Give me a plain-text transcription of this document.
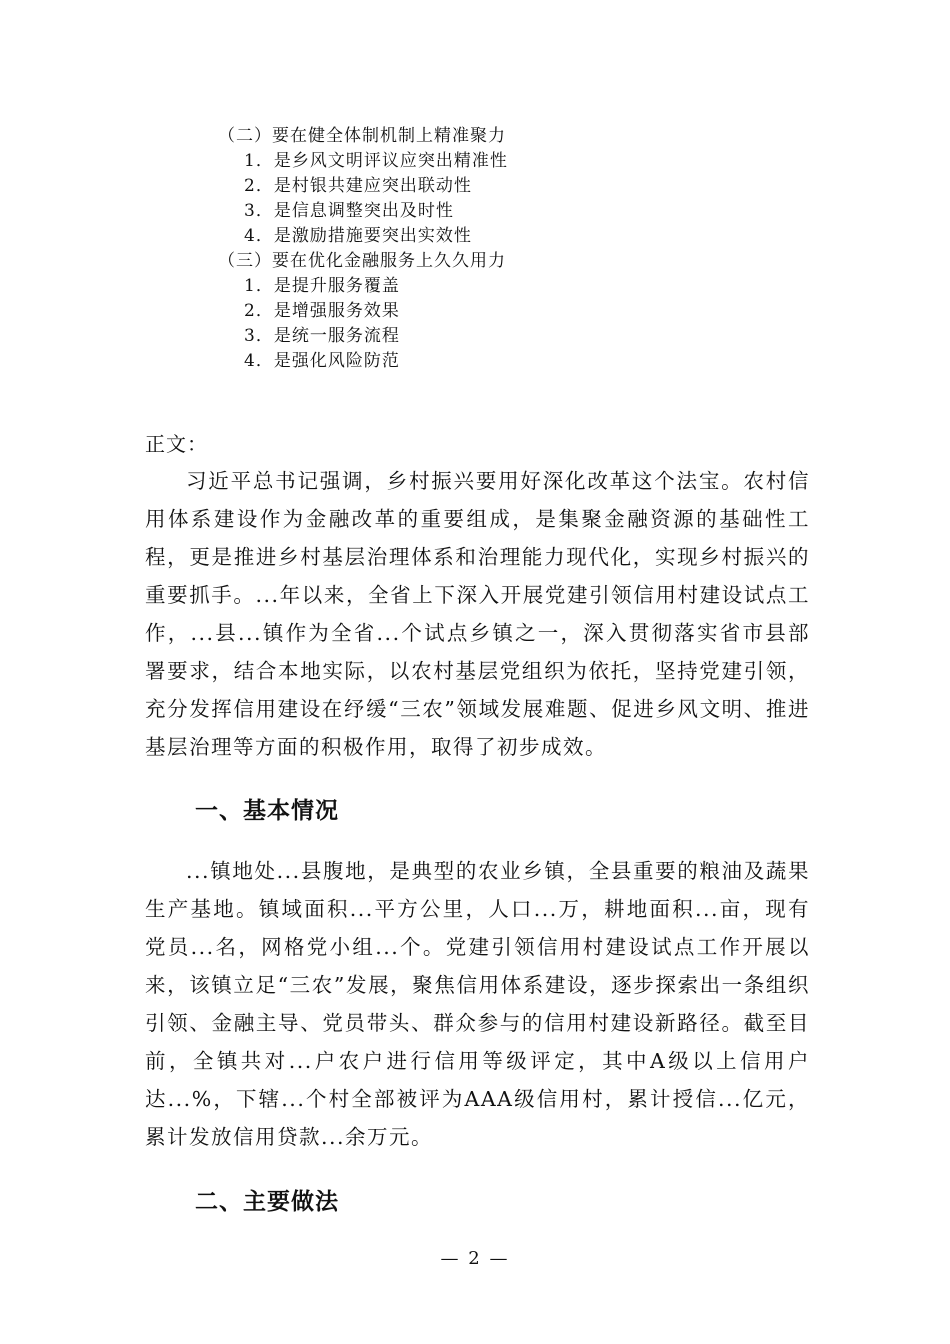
（二）要在健全体制机制上精准聚力
1．是乡风文明评议应突出精准性
2．是村银共建应突出联动性
3．是信息调整突出及时性
4．是激励措施要突出实效性
（三）要在优化金融服务上久久用力
1．是提升服务覆盖
2．是增强服务效果
3．是统一服务流程
4．是强化风险防范
正文：

习近平总书记强调，乡村振兴要用好深化改革这个法宝。农村信用体系建设作为金融改革的重要组成，是集聚金融资源的基础性工程，更是推进乡村基层治理体系和治理能力现代化，实现乡村振兴的重要抓手。...年以来，全省上下深入开展党建引领信用村建设试点工作，...县...镇作为全省...个试点乡镇之一，深入贯彻落实省市县部署要求，结合本地实际，以农村基层党组织为依托，坚持党建引领，充分发挥信用建设在纾缓“三农”领域发展难题、促进乡风文明、推进基层治理等方面的积极作用，取得了初步成效。

一、基本情况

...镇地处...县腹地，是典型的农业乡镇，全县重要的粮油及蔬果生产基地。镇域面积...平方公里，人口...万，耕地面积...亩，现有党员...名，网格党小组...个。党建引领信用村建设试点工作开展以来，该镇立足“三农”发展，聚焦信用体系建设，逐步探索出一条组织引领、金融主导、党员带头、群众参与的信用村建设新路径。截至目前，全镇共对...户农户进行信用等级评定，其中A级以上信用户达...%，下辖...个村全部被评为AAA级信用村，累计授信...亿元，累计发放信用贷款...余万元。

二、主要做法
— 2 —
